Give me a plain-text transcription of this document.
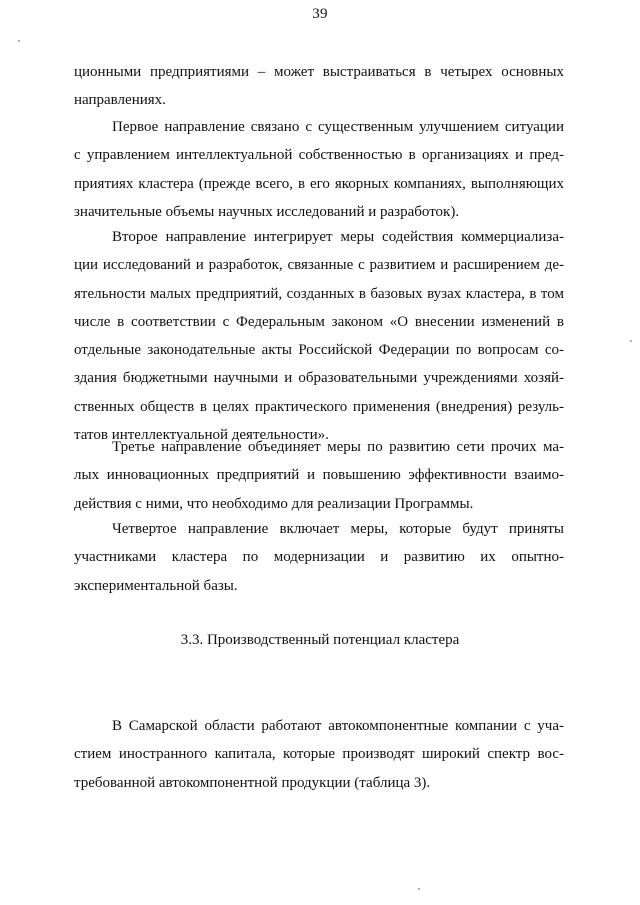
39
ционными предприятиями – может выстраиваться в четырех основных
направлениях.
Первое направление связано с существенным улучшением ситуации
с управлением интеллектуальной собственностью в организациях и пред-
приятиях кластера (прежде всего, в его якорных компаниях, выполняющих
значительные объемы научных исследований и разработок).
Второе направление интегрирует меры содействия коммерциализа-
ции исследований и разработок, связанные с развитием и расширением де-
ятельности малых предприятий, созданных в базовых вузах кластера, в том
числе в соответствии с Федеральным законом «О внесении изменений в
отдельные законодательные акты Российской Федерации по вопросам со-
здания бюджетными научными и образовательными учреждениями хозяй-
ственных обществ в целях практического применения (внедрения) резуль-
татов интеллектуальной деятельности».
Третье направление объединяет меры по развитию сети прочих ма-
лых инновационных предприятий и повышению эффективности взаимо-
действия с ними, что необходимо для реализации Программы.
Четвертое направление включает меры, которые будут приняты
участниками кластера по модернизации и развитию их опытно-
экспериментальной базы.
3.3. Производственный потенциал кластера
В Самарской области работают автокомпонентные компании с уча-
стием иностранного капитала, которые производят широкий спектр вос-
требованной автокомпонентной продукции (таблица 3).
